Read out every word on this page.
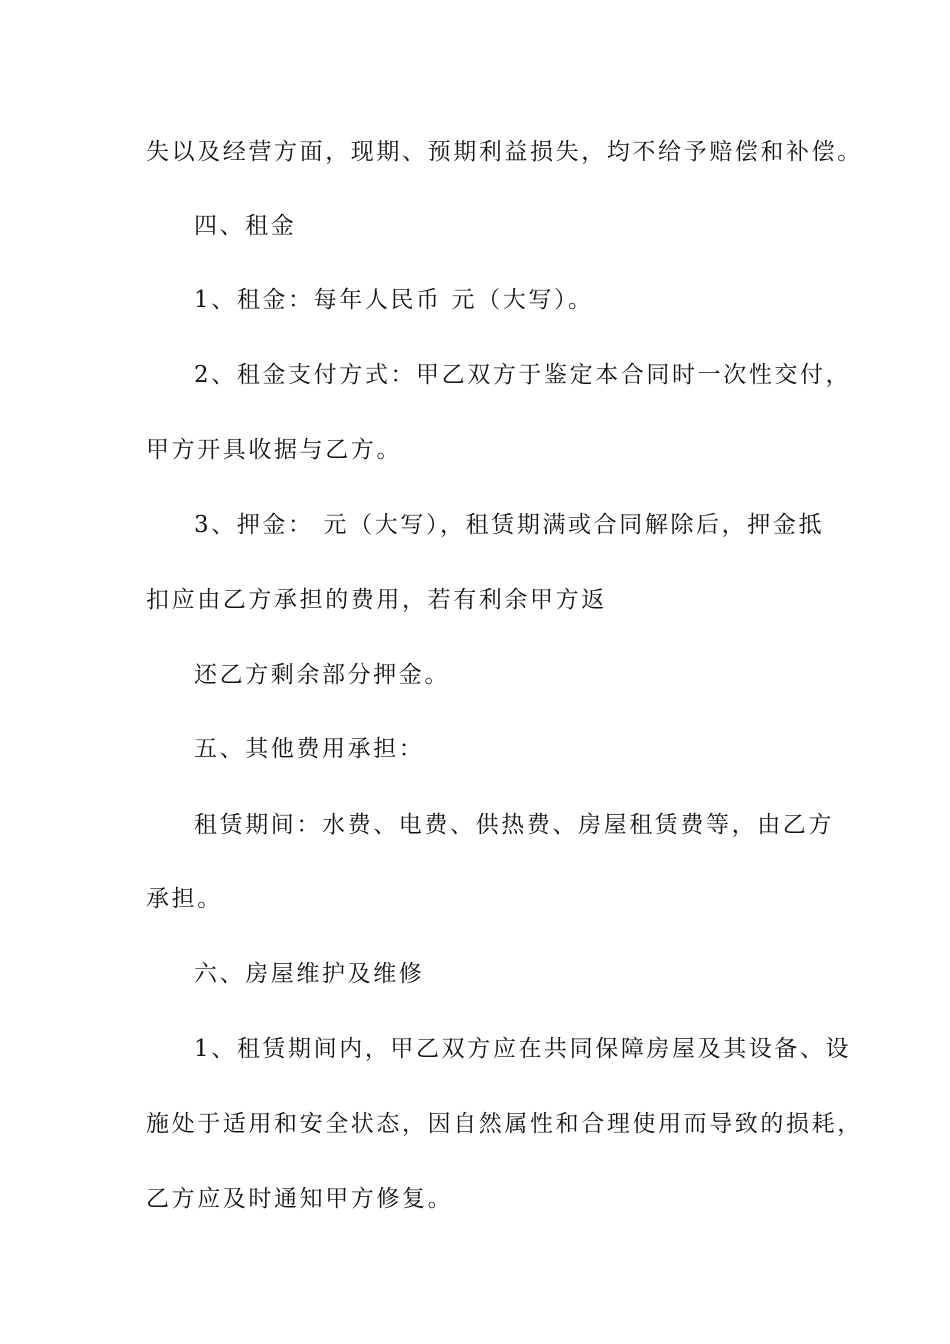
失以及经营方面，现期、预期利益损失，均不给予赔偿和补偿。
四、租金
1、租金：每年人民币 元（大写）。
2、租金支付方式：甲乙双方于鉴定本合同时一次性交付，
甲方开具收据与乙方。
3、押金： 元（大写），租赁期满或合同解除后，押金抵
扣应由乙方承担的费用，若有利余甲方返
还乙方剩余部分押金。
五、其他费用承担：
租赁期间：水费、电费、供热费、房屋租赁费等，由乙方
承担。
六、房屋维护及维修
1、租赁期间内，甲乙双方应在共同保障房屋及其设备、设
施处于适用和安全状态，因自然属性和合理使用而导致的损耗，
乙方应及时通知甲方修复。
